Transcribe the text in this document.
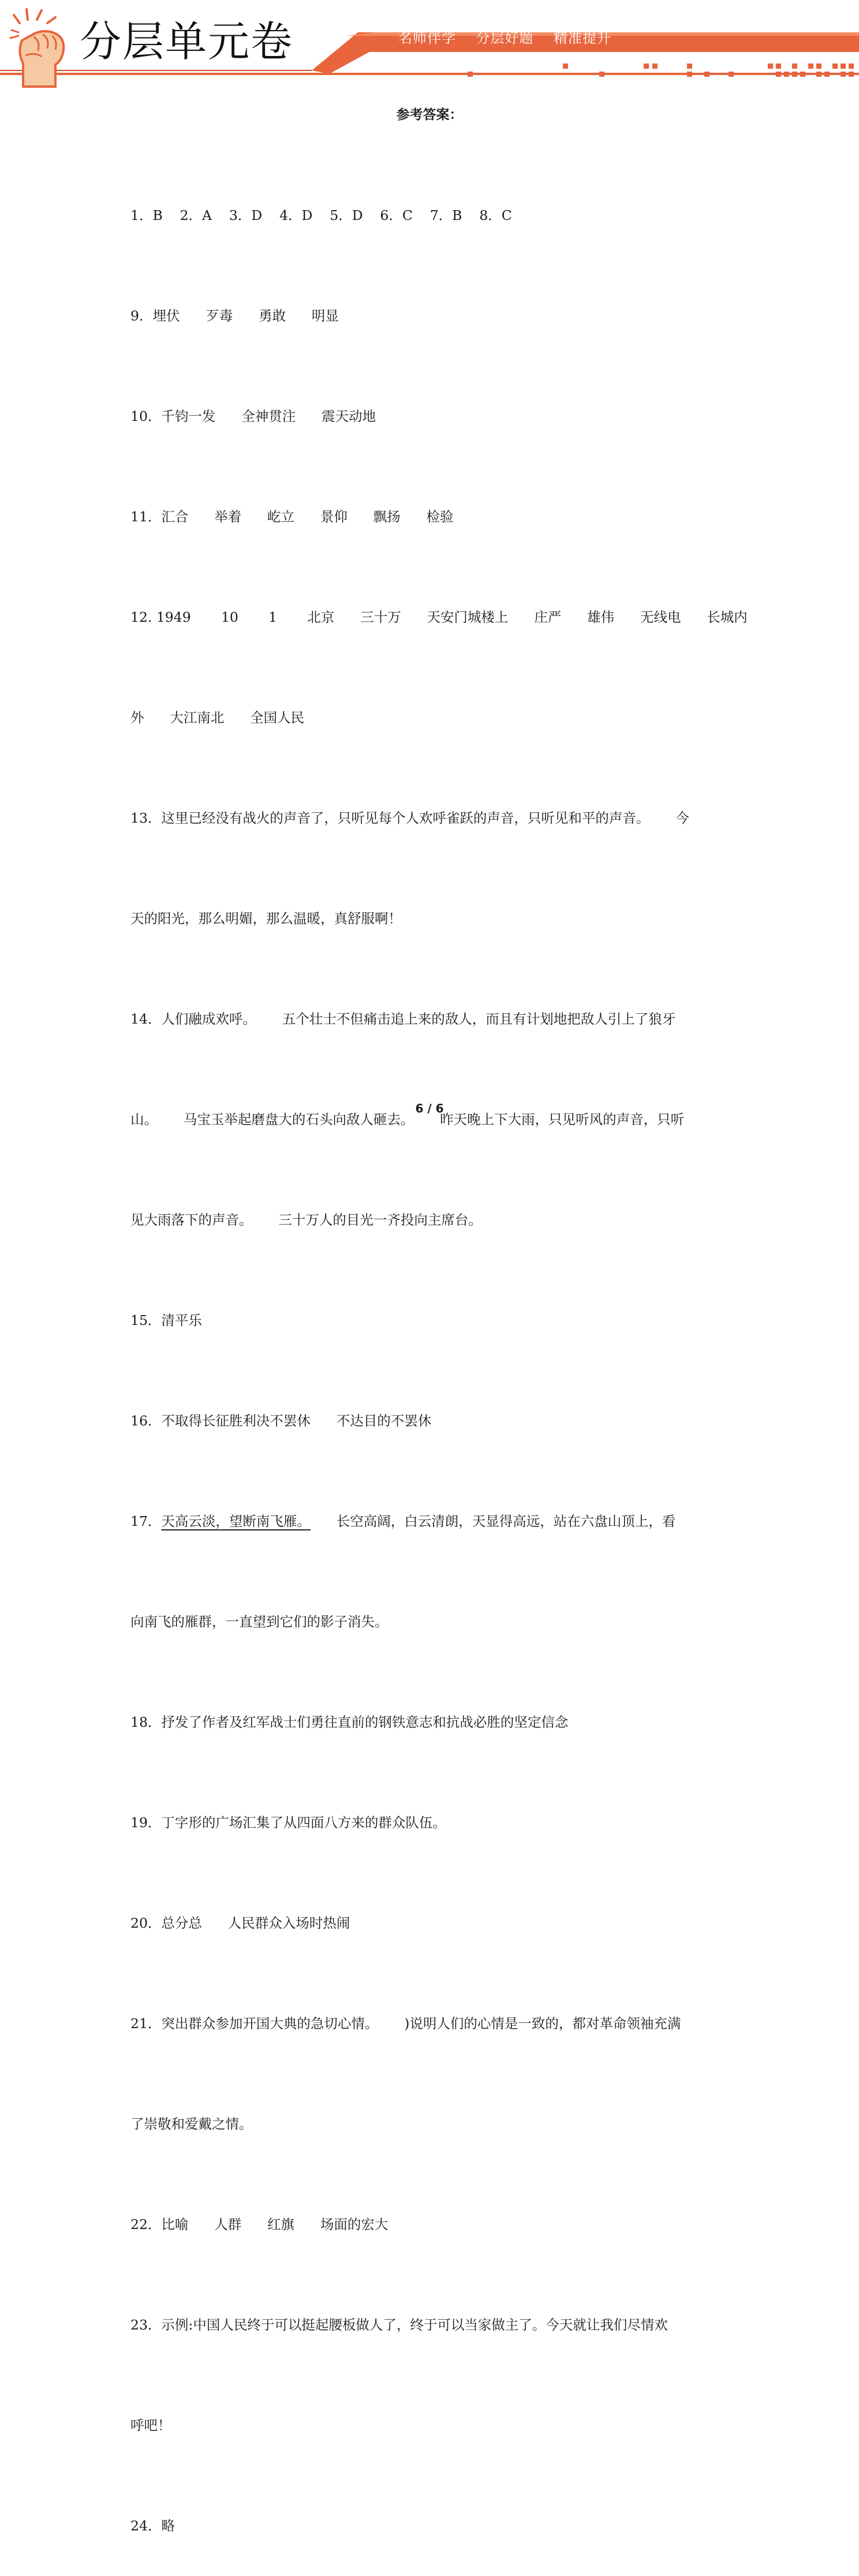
分层单元卷	名师伴学    分层好题    精准提升
参考答案：

1．B    2．A    3．D    4．D    5．D    6．C    7．B    8．C

9．埋伏      歹毒      勇敢      明显

10．千钧一发      全神贯注      震天动地

11．汇合      举着      屹立      景仰      飘扬      检验

12. 1949       10       1       北京      三十万      天安门城楼上      庄严      雄伟      无线电      长城内

外      大江南北      全国人民

13．这里已经没有战火的声音了，只听见每个人欢呼雀跃的声音，只听见和平的声音。      今

天的阳光，那么明媚，那么温暖，真舒服啊！

14．人们融成欢呼。      五个壮士不但痛击追上来的敌人，而且有计划地把敌人引上了狼牙

山。      马宝玉举起磨盘大的石头向敌人砸去。      昨天晚上下大雨，只见听风的声音，只听

见大雨落下的声音。      三十万人的目光一齐投向主席台。

15．清平乐

16．不取得长征胜利决不罢休      不达目的不罢休

17．天高云淡，望断南飞雁。      长空高阔，白云清朗，天显得高远，站在六盘山顶上，看

向南飞的雁群，一直望到它们的影子消失。

18．抒发了作者及红军战士们勇往直前的钢铁意志和抗战必胜的坚定信念

19．丁字形的广场汇集了从四面八方来的群众队伍。

20．总分总      人民群众入场时热闹

21．突出群众参加开国大典的急切心情。      )说明人们的心情是一致的，都对革命领袖充满

了崇敬和爱戴之情。

22．比喻      人群      红旗      场面的宏大

23．示例:中国人民终于可以挺起腰板做人了，终于可以当家做主了。今天就让我们尽情欢

呼吧！

24．略

6 / 6
